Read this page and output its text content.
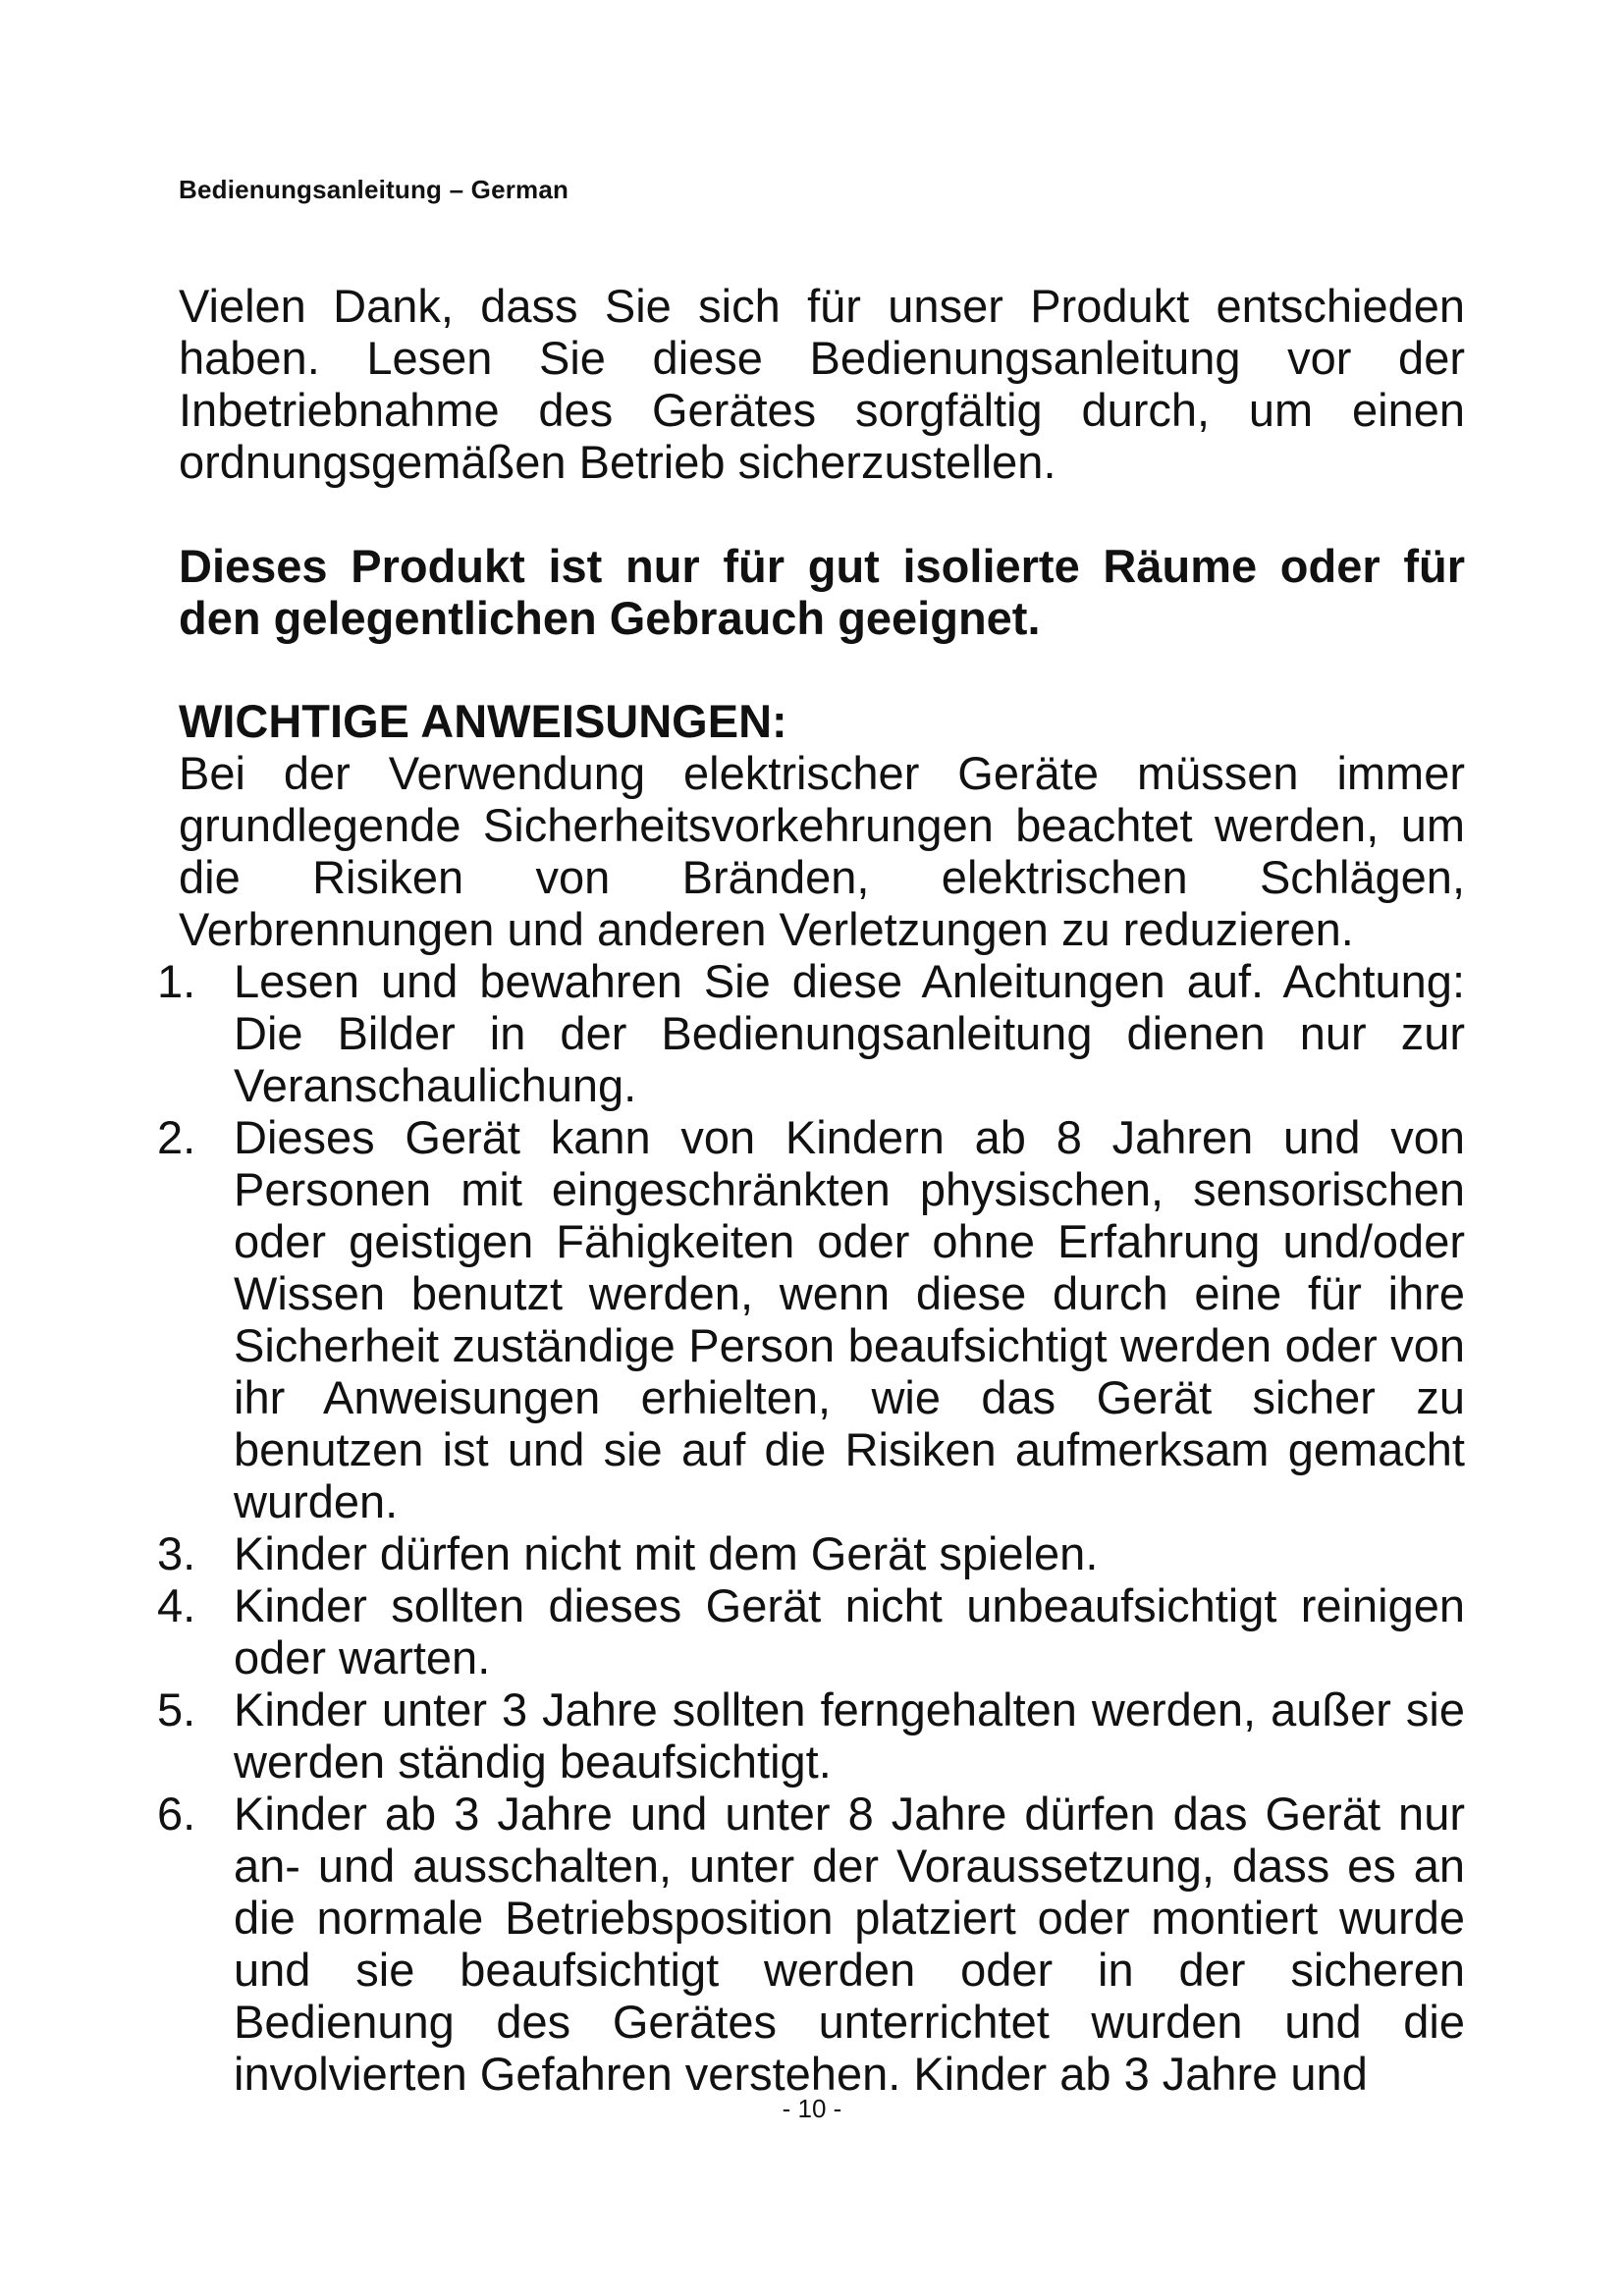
Bedienungsanleitung – German

Vielen Dank, dass Sie sich für unser Produkt entschieden haben. Lesen Sie diese Bedienungsanleitung vor der Inbetriebnahme des Gerätes sorgfältig durch, um einen ordnungsgemäßen Betrieb sicherzustellen.

Dieses Produkt ist nur für gut isolierte Räume oder für den gelegentlichen Gebrauch geeignet.

WICHTIGE ANWEISUNGEN:

Bei der Verwendung elektrischer Geräte müssen immer grundlegende Sicherheitsvorkehrungen beachtet werden, um die Risiken von Bränden, elektrischen Schlägen, Verbrennungen und anderen Verletzungen zu reduzieren.

1. Lesen und bewahren Sie diese Anleitungen auf. Achtung: Die Bilder in der Bedienungsanleitung dienen nur zur Veranschaulichung.
2. Dieses Gerät kann von Kindern ab 8 Jahren und von Personen mit eingeschränkten physischen, sensorischen oder geistigen Fähigkeiten oder ohne Erfahrung und/oder Wissen benutzt werden, wenn diese durch eine für ihre Sicherheit zuständige Person beaufsichtigt werden oder von ihr Anweisungen erhielten, wie das Gerät sicher zu benutzen ist und sie auf die Risiken aufmerksam gemacht wurden.
3. Kinder dürfen nicht mit dem Gerät spielen.
4. Kinder sollten dieses Gerät nicht unbeaufsichtigt reinigen oder warten.
5. Kinder unter 3 Jahre sollten ferngehalten werden, außer sie werden ständig beaufsichtigt.
6. Kinder ab 3 Jahre und unter 8 Jahre dürfen das Gerät nur an- und ausschalten, unter der Voraussetzung, dass es an die normale Betriebsposition platziert oder montiert wurde und sie beaufsichtigt werden oder in der sicheren Bedienung des Gerätes unterrichtet wurden und die involvierten Gefahren verstehen. Kinder ab 3 Jahre und
- 10 -
